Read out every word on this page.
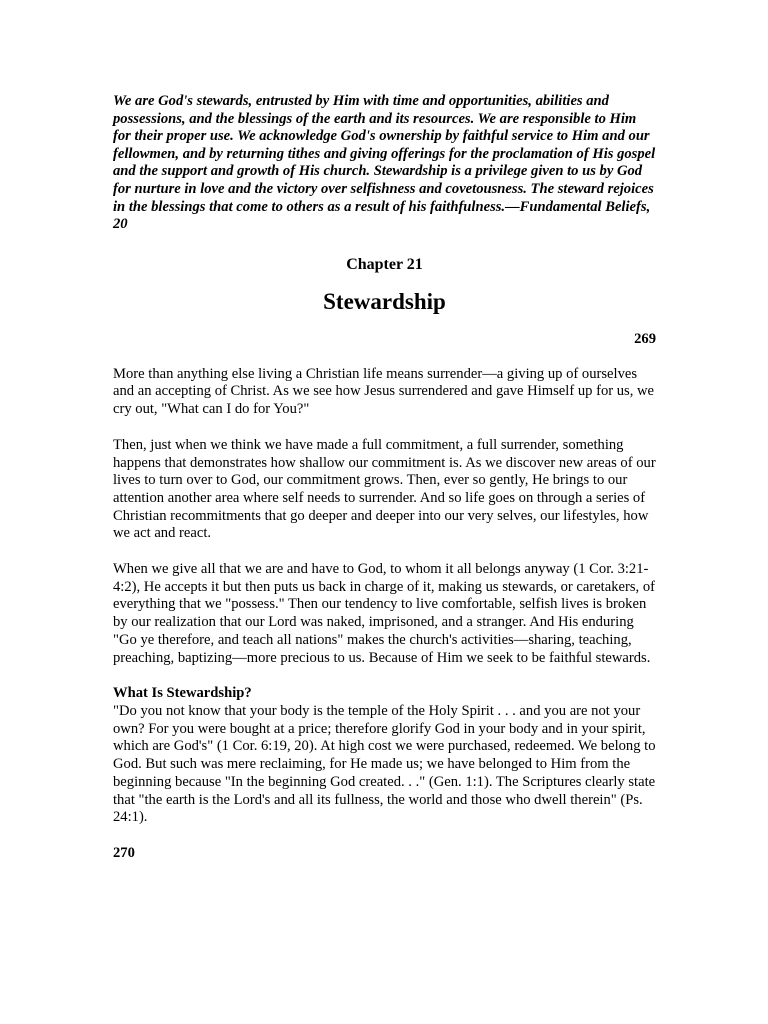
We are God's stewards, entrusted by Him with time and opportunities, abilities and possessions, and the blessings of the earth and its resources. We are responsible to Him for their proper use. We acknowledge God's ownership by faithful service to Him and our fellowmen, and by returning tithes and giving offerings for the proclamation of His gospel and the support and growth of His church. Stewardship is a privilege given to us by God for nurture in love and the victory over selfishness and covetousness. The steward rejoices in the blessings that come to others as a result of his faithfulness.—Fundamental Beliefs, 20

Chapter 21
Stewardship
269

More than anything else living a Christian life means surrender—a giving up of ourselves and an accepting of Christ. As we see how Jesus surrendered and gave Himself up for us, we cry out, "What can I do for You?"

Then, just when we think we have made a full commitment, a full surrender, something happens that demonstrates how shallow our commitment is. As we discover new areas of our lives to turn over to God, our commitment grows. Then, ever so gently, He brings to our attention another area where self needs to surrender. And so life goes on through a series of Christian recommitments that go deeper and deeper into our very selves, our lifestyles, how we act and react.

When we give all that we are and have to God, to whom it all belongs anyway (1 Cor. 3:21-4:2), He accepts it but then puts us back in charge of it, making us stewards, or caretakers, of everything that we "possess." Then our tendency to live comfortable, selfish lives is broken by our realization that our Lord was naked, imprisoned, and a stranger. And His enduring "Go ye therefore, and teach all nations" makes the church's activities—sharing, teaching, preaching, baptizing—more precious to us. Because of Him we seek to be faithful stewards.

What Is Stewardship?

"Do you not know that your body is the temple of the Holy Spirit . . . and you are not your own? For you were bought at a price; therefore glorify God in your body and in your spirit, which are God's" (1 Cor. 6:19, 20). At high cost we were purchased, redeemed. We belong to God. But such was mere reclaiming, for He made us; we have belonged to Him from the beginning because "In the beginning God created. . ." (Gen. 1:1). The Scriptures clearly state that "the earth is the Lord's and all its fullness, the world and those who dwell therein" (Ps. 24:1).

270
